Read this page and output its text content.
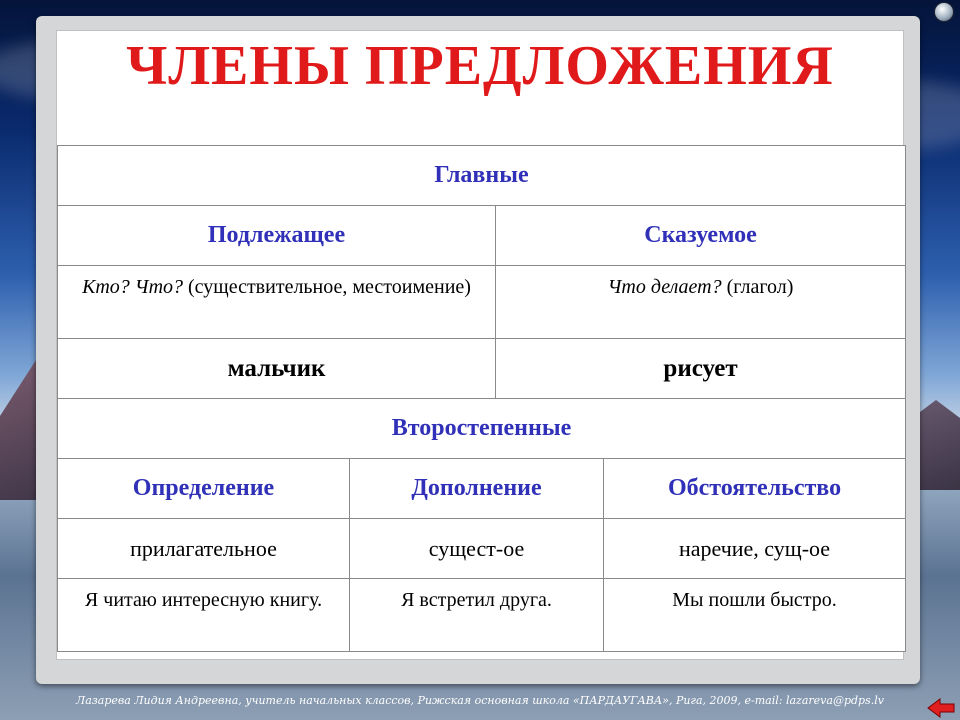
ЧЛЕНЫ ПРЕДЛОЖЕНИЯ
Главные			
Подлежащее		Сказуемое	
Кто? Что? (существительное, местоимение)		Что делает? (глагол)	
мальчик		рисует	
Второстепенные			
Определение	Дополнение		Обстоятельство
прилагательное	сущест-ое		наречие, сущ-ое
Я читаю интересную книгу.	Я встретил друга.		Мы пошли быстро.
Лазарева Лидия Андреевна, учитель начальных классов, Рижская основная школа «ПАРДАУГАВА», Рига, 2009, e-mail: lazareva@pdps.lv
